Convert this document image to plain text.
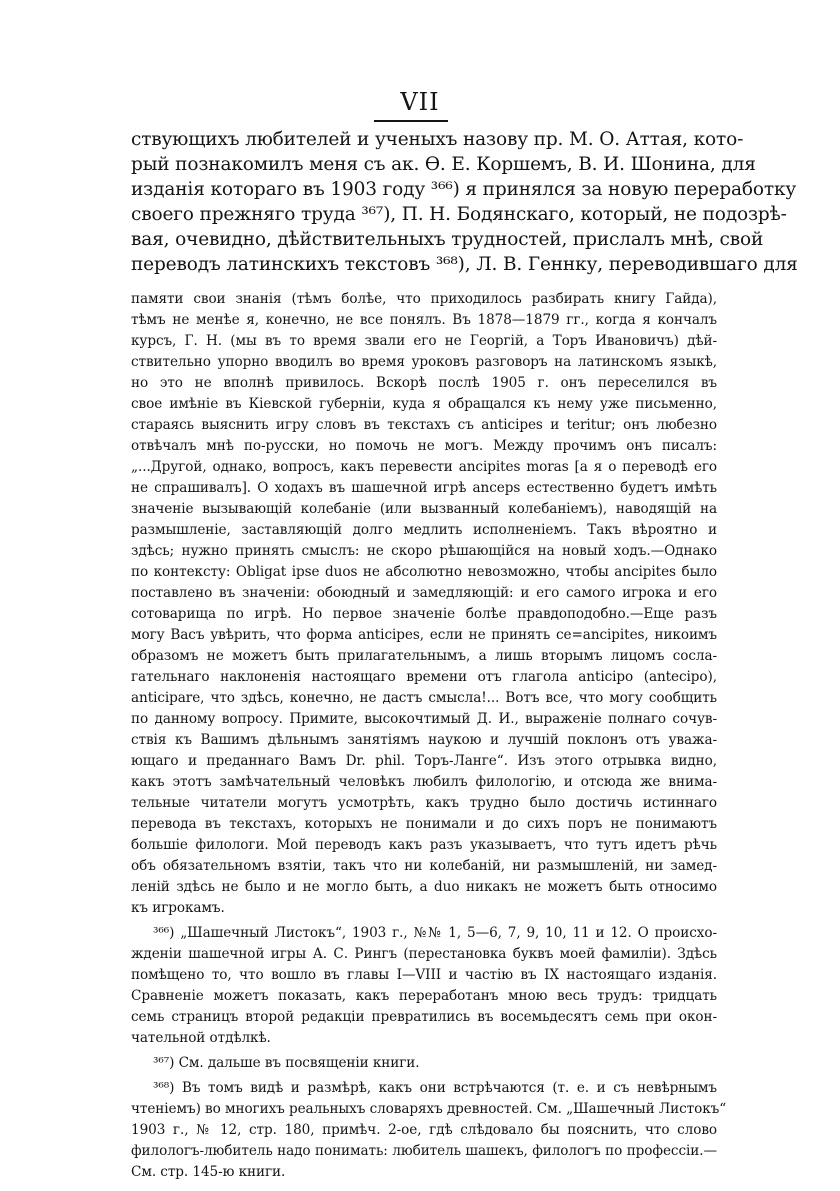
VII
ствующихъ любителей и ученыхъ назову пр. М. О. Аттая, кото-
рый познакомилъ меня съ ак. Ѳ. Е. Коршемъ, В. И. Шонина, для
изданія котораго въ 1903 году ³⁶⁶) я принялся за новую переработку
своего прежняго труда ³⁶⁷), П. Н. Бодянскаго, который, не подозрѣ-
вая, очевидно, дѣйствительныхъ трудностей, прислалъ мнѣ, свой
переводъ латинскихъ текстовъ ³⁶⁸), Л. В. Геннку, переводившаго для
памяти свои знанія (тѣмъ болѣе, что приходилось разбирать книгу Гайда),
тѣмъ не менѣе я, конечно, не все понялъ. Въ 1878—1879 гг., когда я кончалъ
курсъ, Г. Н. (мы въ то время звали его не Георгій, а Торъ Ивановичъ) дѣй-
ствительно упорно вводилъ во время уроковъ разговоръ на латинскомъ языкѣ,
но это не вполнѣ привилось. Вскорѣ послѣ 1905 г. онъ переселился въ
свое имѣніе въ Кіевской губерніи, куда я обращался къ нему уже письменно,
стараясь выяснить игру словъ въ текстахъ съ anticipes и teritur; онъ любезно
отвѣчалъ мнѣ по-русски, но помочь не могъ. Между прочимъ онъ писалъ:
„...Другой, однако, вопросъ, какъ перевести ancipites moras [а я о переводѣ его
не спрашивалъ]. О ходахъ въ шашечной игрѣ anceps естественно будетъ имѣть
значеніе вызывающій колебаніе (или вызванный колебаніемъ), наводящій на
размышленіе, заставляющій долго медлить исполненіемъ. Такъ вѣроятно и
здѣсь; нужно принять смыслъ: не скоро рѣшающійся на новый ходъ.—Однако
по контексту: Obligat ipse duos не абсолютно невозможно, чтобы ancipites было
поставлено въ значеніи: обоюдный и замедляющій: и его самого игрока и его
сотоварища по игрѣ. Но первое значеніе болѣе правдоподобно.—Еще разъ
могу Васъ увѣрить, что форма anticipes, если не принять ce=ancipites, никоимъ
образомъ не можетъ быть прилагательнымъ, а лишь вторымъ лицомъ сосла-
гательнаго наклоненія настоящаго времени отъ глагола anticipo (antecipo),
anticipare, что здѣсь, конечно, не дастъ смысла!... Вотъ все, что могу сообщить
по данному вопросу. Примите, высокочтимый Д. И., выраженіе полнаго сочув-
ствія къ Вашимъ дѣльнымъ занятіямъ наукою и лучшій поклонъ отъ уважа-
ющаго и преданнаго Вамъ Dr. phil. Торъ-Ланге“. Изъ этого отрывка видно,
какъ этотъ замѣчательный человѣкъ любилъ филологію, и отсюда же внима-
тельные читатели могутъ усмотрѣть, какъ трудно было достичь истиннаго
перевода въ текстахъ, которыхъ не понимали и до сихъ поръ не понимаютъ
большіе филологи. Мой переводъ какъ разъ указываетъ, что тутъ идетъ рѣчь
объ обязательномъ взятіи, такъ что ни колебаній, ни размышленій, ни замед-
леній здѣсь не было и не могло быть, а duo никакъ не можетъ быть относимо
къ игрокамъ.
³⁶⁶) „Шашечный Листокъ“, 1903 г., №№ 1, 5—6, 7, 9, 10, 11 и 12. О происхо-
жденіи шашечной игры А. С. Рингъ (перестановка буквъ моей фамиліи). Здѣсь
помѣщено то, что вошло въ главы I—VIII и частію въ IX настоящаго изданія.
Сравненіе можетъ показать, какъ переработанъ мною весь трудъ: тридцать
семь страницъ второй редакціи превратились въ восемьдесятъ семь при окон-
чательной отдѣлкѣ.
³⁶⁷) См. дальше въ посвященіи книги.
³⁶⁸) Въ томъ видѣ и размѣрѣ, какъ они встрѣчаются (т. е. и съ невѣрнымъ
чтеніемъ) во многихъ реальныхъ словаряхъ древностей. См. „Шашечный Листокъ“
1903 г., № 12, стр. 180, примѣч. 2-ое, гдѣ слѣдовало бы пояснить, что слово
филологъ-любитель надо понимать: любитель шашекъ, филологъ по профессіи.—
См. стр. 145-ю книги.
